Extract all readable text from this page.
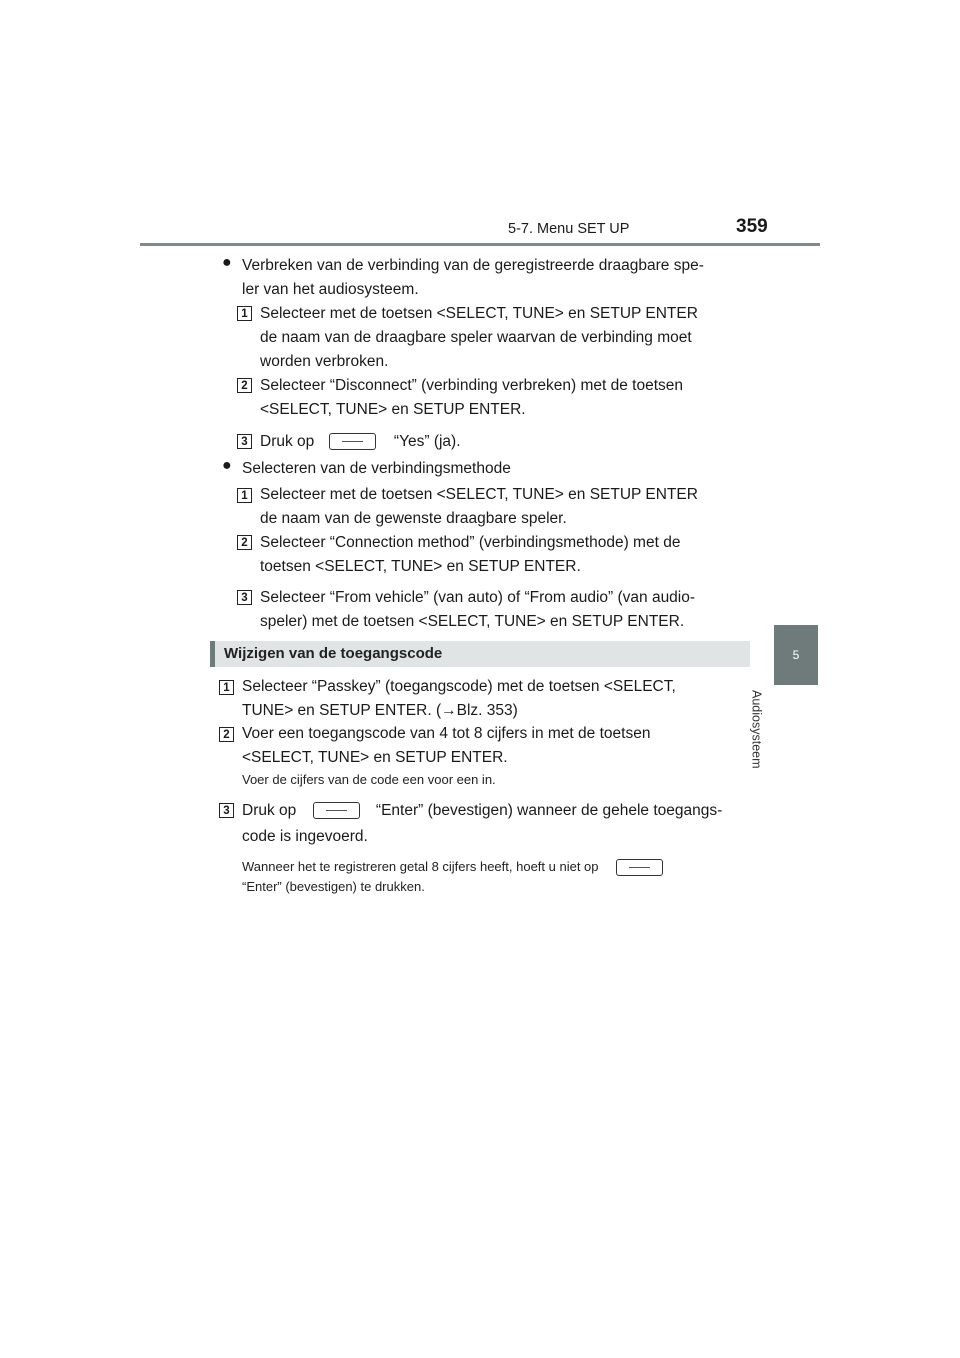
5-7. Menu SET UP	359
5
Audiosysteem
● Verbreken van de verbinding van de geregistreerde draagbare spe-
ler van het audiosysteem.
1 Selecteer met de toetsen <SELECT, TUNE> en SETUP ENTER
de naam van de draagbare speler waarvan de verbinding moet
worden verbroken.
2 Selecteer “Disconnect” (verbinding verbreken) met de toetsen
<SELECT, TUNE> en SETUP ENTER.
3 Druk op	“Yes” (ja).
● Selecteren van de verbindingsmethode
1 Selecteer met de toetsen <SELECT, TUNE> en SETUP ENTER
de naam van de gewenste draagbare speler.
2 Selecteer “Connection method” (verbindingsmethode) met de
toetsen <SELECT, TUNE> en SETUP ENTER.
3 Selecteer “From vehicle” (van auto) of “From audio” (van audio-
speler) met de toetsen <SELECT, TUNE> en SETUP ENTER.
Wijzigen van de toegangscode
1 Selecteer “Passkey” (toegangscode) met de toetsen <SELECT,
TUNE> en SETUP ENTER. (→Blz. 353)
2 Voer een toegangscode van 4 tot 8 cijfers in met de toetsen
<SELECT, TUNE> en SETUP ENTER.
Voer de cijfers van de code een voor een in.
3 Druk op	“Enter” (bevestigen) wanneer de gehele toegangs-
code is ingevoerd.
Wanneer het te registreren getal 8 cijfers heeft, hoeft u niet op
“Enter” (bevestigen) te drukken.
